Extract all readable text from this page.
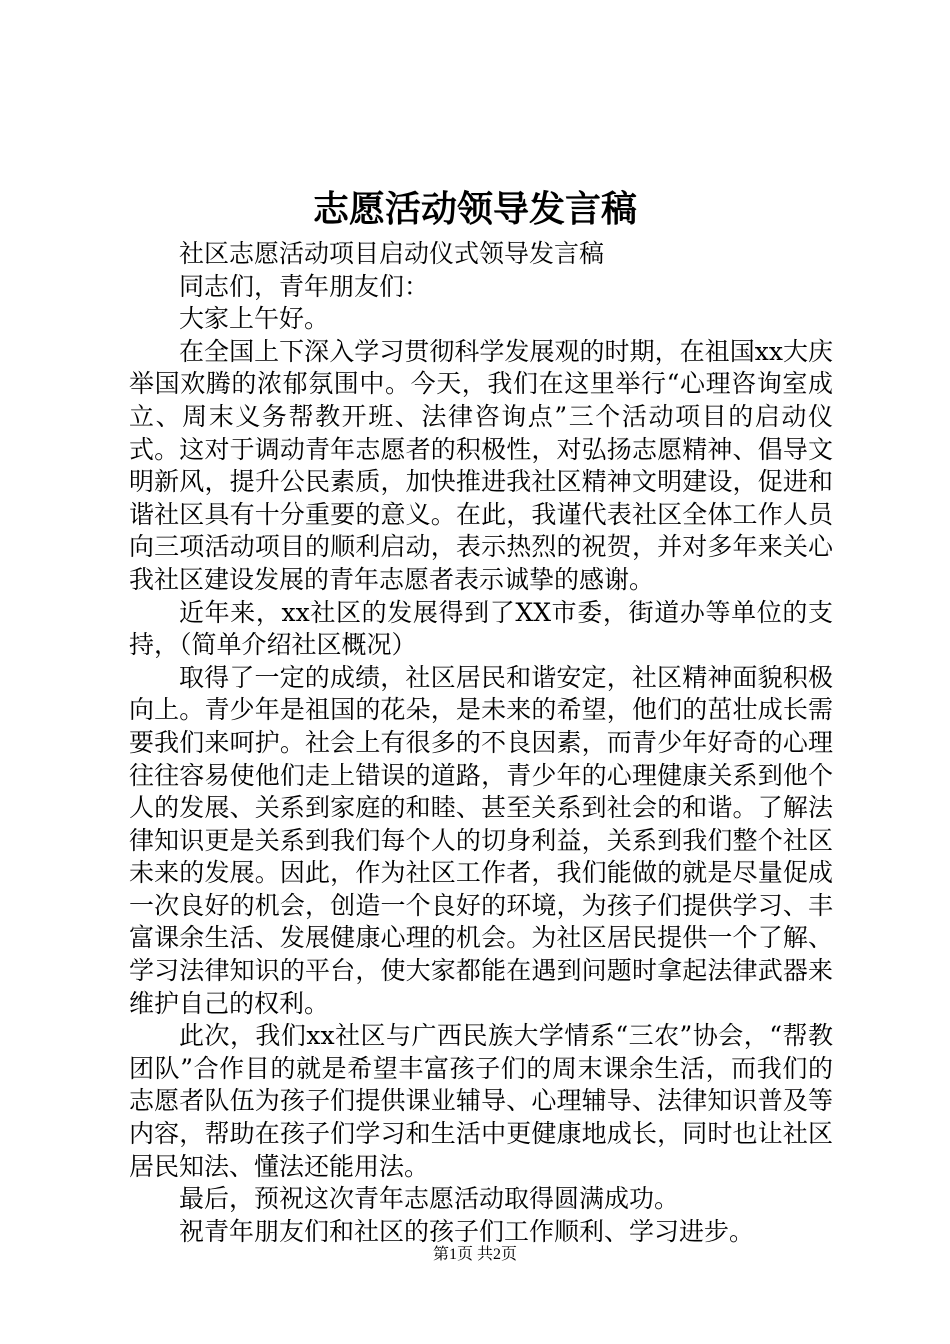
志愿活动领导发言稿

社区志愿活动项目启动仪式领导发言稿

同志们，青年朋友们：

大家上午好。

在全国上下深入学习贯彻科学发展观的时期，在祖国xx大庆举国欢腾的浓郁氛围中。今天，我们在这里举行“心理咨询室成立、周末义务帮教开班、法律咨询点”三个活动项目的启动仪式。这对于调动青年志愿者的积极性，对弘扬志愿精神、倡导文明新风，提升公民素质，加快推进我社区精神文明建设，促进和谐社区具有十分重要的意义。在此，我谨代表社区全体工作人员向三项活动项目的顺利启动，表示热烈的祝贺，并对多年来关心我社区建设发展的青年志愿者表示诚挚的感谢。

近年来，xx社区的发展得到了XX市委，街道办等单位的支持，（简单介绍社区概况）

取得了一定的成绩，社区居民和谐安定，社区精神面貌积极向上。青少年是祖国的花朵，是未来的希望，他们的茁壮成长需要我们来呵护。社会上有很多的不良因素，而青少年好奇的心理往往容易使他们走上错误的道路，青少年的心理健康关系到他个人的发展、关系到家庭的和睦、甚至关系到社会的和谐。了解法律知识更是关系到我们每个人的切身利益，关系到我们整个社区未来的发展。因此，作为社区工作者，我们能做的就是尽量促成一次良好的机会，创造一个良好的环境，为孩子们提供学习、丰富课余生活、发展健康心理的机会。为社区居民提供一个了解、学习法律知识的平台，使大家都能在遇到问题时拿起法律武器来维护自己的权利。

此次，我们xx社区与广西民族大学情系“三农”协会，“帮教团队”合作目的就是希望丰富孩子们的周末课余生活，而我们的志愿者队伍为孩子们提供课业辅导、心理辅导、法律知识普及等内容，帮助在孩子们学习和生活中更健康地成长，同时也让社区居民知法、懂法还能用法。

最后，预祝这次青年志愿活动取得圆满成功。

祝青年朋友们和社区的孩子们工作顺利、学习进步。

第1页 共2页
